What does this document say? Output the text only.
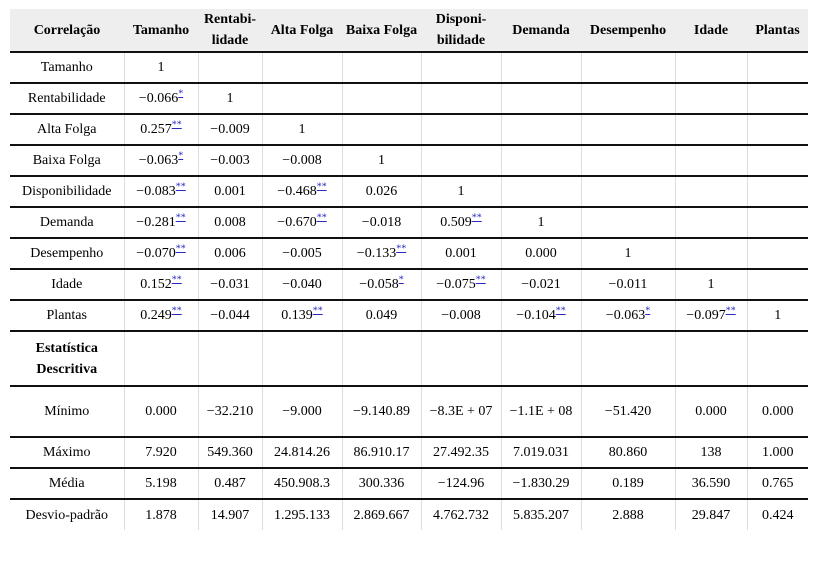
Correlação	Tamanho	Rentabi-lidade	Alta Folga	Baixa Folga	Disponi-bilidade	Demanda	Desempenho	Idade	Plantas
Tamanho	1								
Rentabilidade	−0.066*	1							
Alta Folga	0.257**	−0.009	1						
Baixa Folga	−0.063*	−0.003	−0.008	1					
Disponibilidade	−0.083**	0.001	−0.468**	0.026	1				
Demanda	−0.281**	0.008	−0.670**	−0.018	0.509**	1			
Desempenho	−0.070**	0.006	−0.005	−0.133**	0.001	0.000	1		
Idade	0.152**	−0.031	−0.040	−0.058*	−0.075**	−0.021	−0.011	1	
Plantas	0.249**	−0.044	0.139**	0.049	−0.008	−0.104**	−0.063*	−0.097**	1
Estatística Descritiva									
Mínimo	0.000	−32.210	−9.000	−9.140.89	−8.3E + 07	−1.1E + 08	−51.420	0.000	0.000
Máximo	7.920	549.360	24.814.26	86.910.17	27.492.35	7.019.031	80.860	138	1.000
Média	5.198	0.487	450.908.3	300.336	−124.96	−1.830.29	0.189	36.590	0.765
Desvio-padrão	1.878	14.907	1.295.133	2.869.667	4.762.732	5.835.207	2.888	29.847	0.424
